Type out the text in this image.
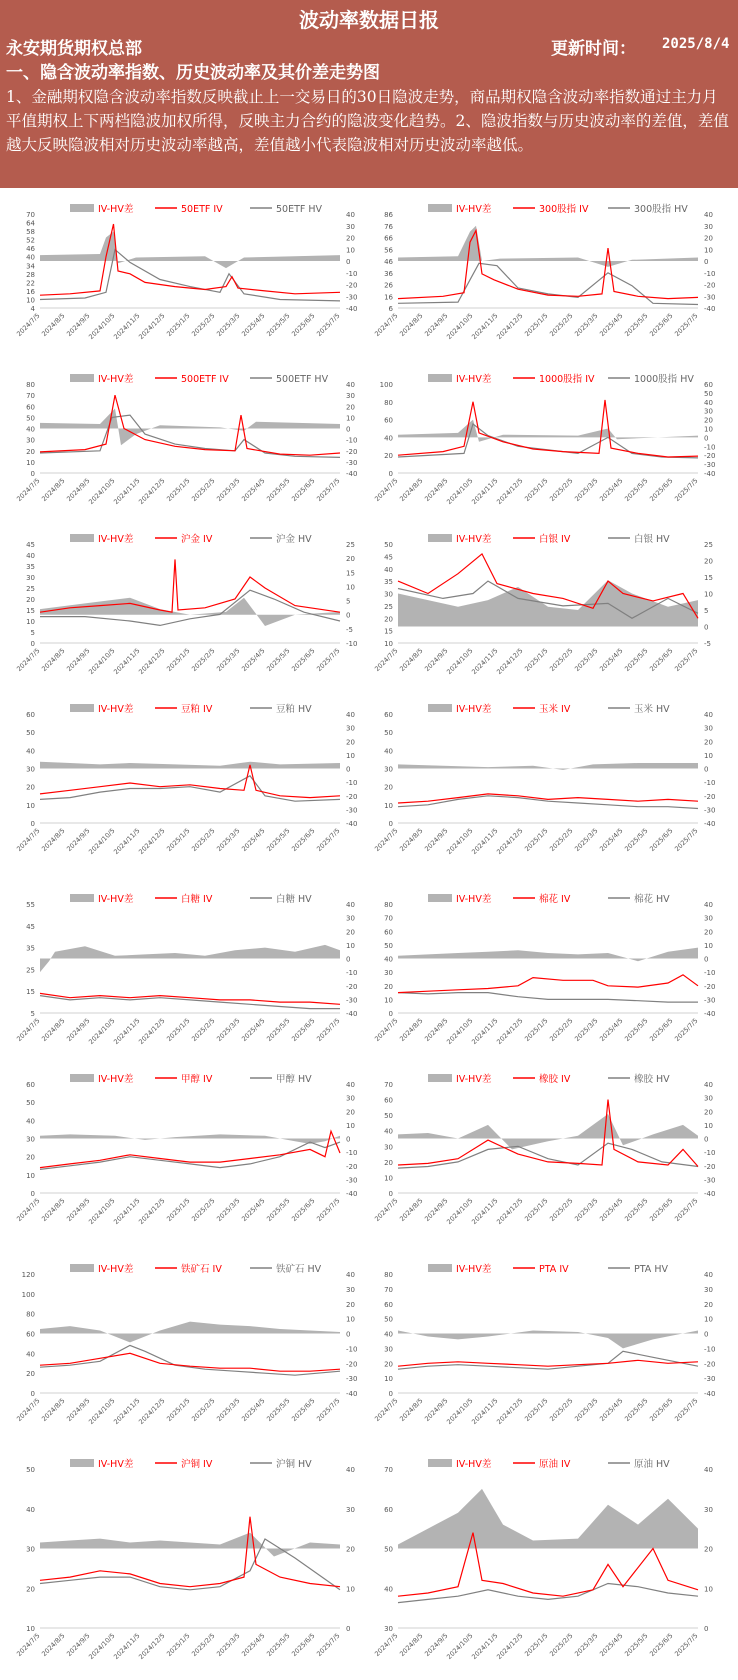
波动率数据日报
永安期货期权总部	更新时间： 2025/8/4
一、隐含波动率指数、历史波动率及其价差走势图
1、金融期权隐含波动率指数反映截止上一交易日的30日隐波走势，商品期权隐含波动率指数通过主力月平值期权上下两档隐波加权所得，反映主力合约的隐波变化趋势。2、隐波指数与历史波动率的差值，差值越大反映隐波相对历史波动率越高，差值越小代表隐波相对历史波动率越低。
4
10
16
22
28
34
40
46
52
58
64
70	40
30
20
10
0
-10
-20
-30
-40
2024/7/5
2024/8/5
2024/9/5
2024/10/5
2024/11/5
2024/12/5
2025/1/5
2025/2/5
2025/3/5
2025/4/5
2025/5/5
2025/6/5
2025/7/5
IV-HV差	50ETF IV	50ETF HV
6
16
26
36
46
56
66
76
86	40
30
20
10
0
-10
-20
-30
-40
2024/7/5
2024/8/5
2024/9/5
2024/10/5
2024/11/5
2024/12/5
2025/1/5
2025/2/5
2025/3/5
2025/4/5
2025/5/5
2025/6/5
2025/7/5
IV-HV差	300股指 IV	300股指 HV
0
10
20
30
40
50
60
70
80	40
30
20
10
0
-10
-20
-30
-40
2024/7/5
2024/8/5
2024/9/5
2024/10/5
2024/11/5
2024/12/5
2025/1/5
2025/2/5
2025/3/5
2025/4/5
2025/5/5
2025/6/5
2025/7/5
IV-HV差	500ETF IV	500ETF HV
0
20
40
60
80
100	60
50
40
30
20
10
0
-10
-20
-30
-40
2024/7/5
2024/8/5
2024/9/5
2024/10/5
2024/11/5
2024/12/5
2025/1/5
2025/2/5
2025/3/5
2025/4/5
2025/5/5
2025/6/5
2025/7/5
IV-HV差	1000股指 IV	1000股指 HV
0
5
10
15
20
25
30
35
40
45	25
20
15
10
5
0
-5
-10
2024/7/5
2024/8/5
2024/9/5
2024/10/5
2024/11/5
2024/12/5
2025/1/5
2025/2/5
2025/3/5
2025/4/5
2025/5/5
2025/6/5
2025/7/5
IV-HV差	沪金 IV	沪金 HV
10
15
20
25
30
35
40
45
50	25
20
15
10
5
0
-5
2024/7/5
2024/8/5
2024/9/5
2024/10/5
2024/11/5
2024/12/5
2025/1/5
2025/2/5
2025/3/5
2025/4/5
2025/5/5
2025/6/5
2025/7/5
IV-HV差	白银 IV	白银 HV
0
10
20
30
40
50
60	40
30
20
10
0
-10
-20
-30
-40
2024/7/5
2024/8/5
2024/9/5
2024/10/5
2024/11/5
2024/12/5
2025/1/5
2025/2/5
2025/3/5
2025/4/5
2025/5/5
2025/6/5
2025/7/5
IV-HV差	豆粕 IV	豆粕 HV
0
10
20
30
40
50
60	40
30
20
10
0
-10
-20
-30
-40
2024/7/5
2024/8/5
2024/9/5
2024/10/5
2024/11/5
2024/12/5
2025/1/5
2025/2/5
2025/3/5
2025/4/5
2025/5/5
2025/6/5
2025/7/5
IV-HV差	玉米 IV	玉米 HV
5
15
25
35
45
55	40
30
20
10
0
-10
-20
-30
-40
2024/7/5
2024/8/5
2024/9/5
2024/10/5
2024/11/5
2024/12/5
2025/1/5
2025/2/5
2025/3/5
2025/4/5
2025/5/5
2025/6/5
2025/7/5
IV-HV差	白糖 IV	白糖 HV
0
10
20
30
40
50
60
70
80	40
30
20
10
0
-10
-20
-30
-40
2024/7/5
2024/8/5
2024/9/5
2024/10/5
2024/11/5
2024/12/5
2025/1/5
2025/2/5
2025/3/5
2025/4/5
2025/5/5
2025/6/5
2025/7/5
IV-HV差	棉花 IV	棉花 HV
0
10
20
30
40
50
60	40
30
20
10
0
-10
-20
-30
-40
2024/7/5
2024/8/5
2024/9/5
2024/10/5
2024/11/5
2024/12/5
2025/1/5
2025/2/5
2025/3/5
2025/4/5
2025/5/5
2025/6/5
2025/7/5
IV-HV差	甲醇 IV	甲醇 HV
0
10
20
30
40
50
60
70	40
30
20
10
0
-10
-20
-30
-40
2024/7/5
2024/8/5
2024/9/5
2024/10/5
2024/11/5
2024/12/5
2025/1/5
2025/2/5
2025/3/5
2025/4/5
2025/5/5
2025/6/5
2025/7/5
IV-HV差	橡胶 IV	橡胶 HV
0
20
40
60
80
100
120	40
30
20
10
0
-10
-20
-30
-40
2024/7/5
2024/8/5
2024/9/5
2024/10/5
2024/11/5
2024/12/5
2025/1/5
2025/2/5
2025/3/5
2025/4/5
2025/5/5
2025/6/5
2025/7/5
IV-HV差	铁矿石 IV	铁矿石 HV
0
10
20
30
40
50
60
70
80	40
30
20
10
0
-10
-20
-30
-40
2024/7/5
2024/8/5
2024/9/5
2024/10/5
2024/11/5
2024/12/5
2025/1/5
2025/2/5
2025/3/5
2025/4/5
2025/5/5
2025/6/5
2025/7/5
IV-HV差	PTA IV	PTA HV
10
20
30
40
50	40
30
20
10
0
2024/7/5
2024/8/5
2024/9/5
2024/10/5
2024/11/5
2024/12/5
2025/1/5
2025/2/5
2025/3/5
2025/4/5
2025/5/5
2025/6/5
2025/7/5
IV-HV差	沪铜 IV	沪铜 HV
30
40
50
60
70	40
30
20
10
0
2024/7/5
2024/8/5
2024/9/5
2024/10/5
2024/11/5
2024/12/5
2025/1/5
2025/2/5
2025/3/5
2025/4/5
2025/5/5
2025/6/5
2025/7/5
IV-HV差	原油 IV	原油 HV
